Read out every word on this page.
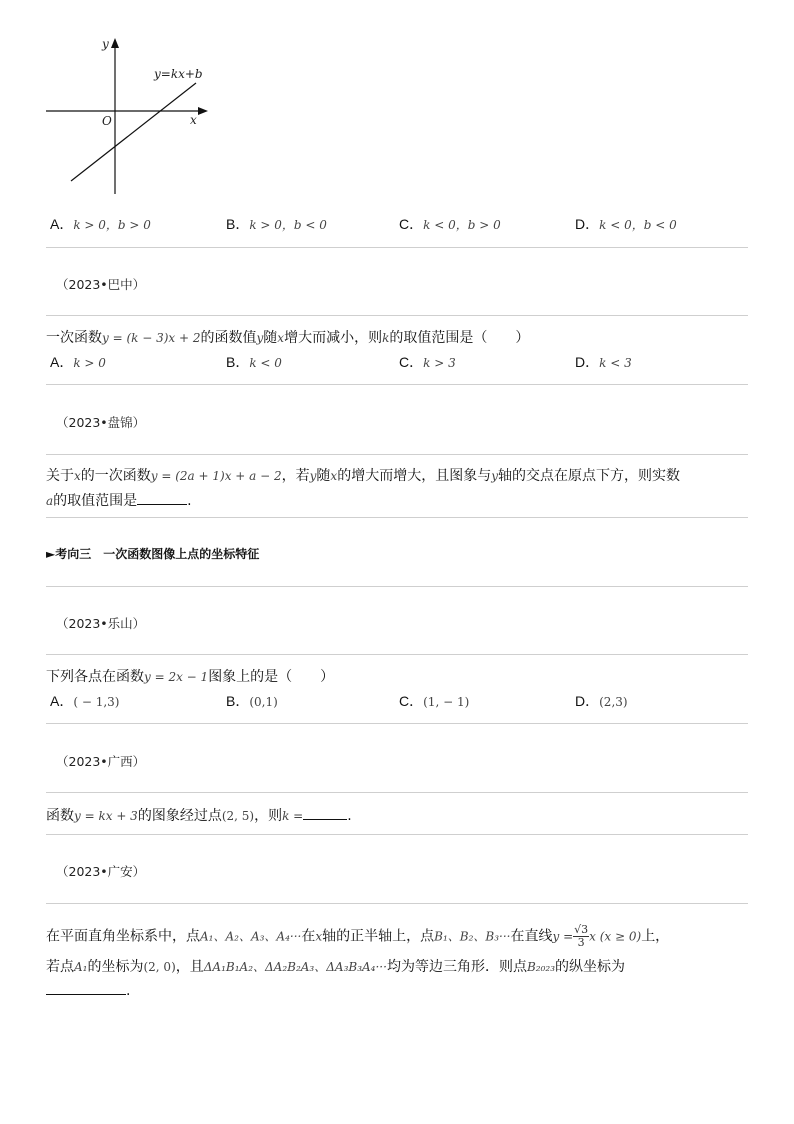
y
x
O
y=kx+b
A．k > 0，b > 0	B．k > 0，b < 0	C．k < 0，b > 0	D．k < 0，b < 0
（2023•巴中）
一次函数y = (k − 3)x + 2的函数值y随x增大而减小，则k的取值范围是（　　）
A．k > 0	B．k < 0	C．k > 3	D．k < 3
（2023•盘锦）
关于x的一次函数y = (2a + 1)x + a − 2，若y随x的增大而增大，且图象与y轴的交点在原点下方，则实数
a的取值范围是	.
►考向三　一次函数图像上点的坐标特征
（2023•乐山）
下列各点在函数y = 2x − 1图象上的是（　　）
A．( − 1,3)	B．(0,1)	C．(1, − 1)	D．(2,3)
（2023•广西）
函数y = kx + 3的图象经过点(2, 5)，则k =	.
（2023•广安）
在平面直角坐标系中，点A₁、A₂、A₃、A₄···在x轴的正半轴上，点B₁、B₂、B₃···在直线$y = \frac{√3}{3}$ x (x ≥ 0)上，
若点A₁的坐标为(2, 0)，且ΔA₁B₁A₂、ΔA₂B₂A₃、ΔA₃B₃A₄···均为等边三角形．则点B₂₀₂₃的纵坐标为
.
